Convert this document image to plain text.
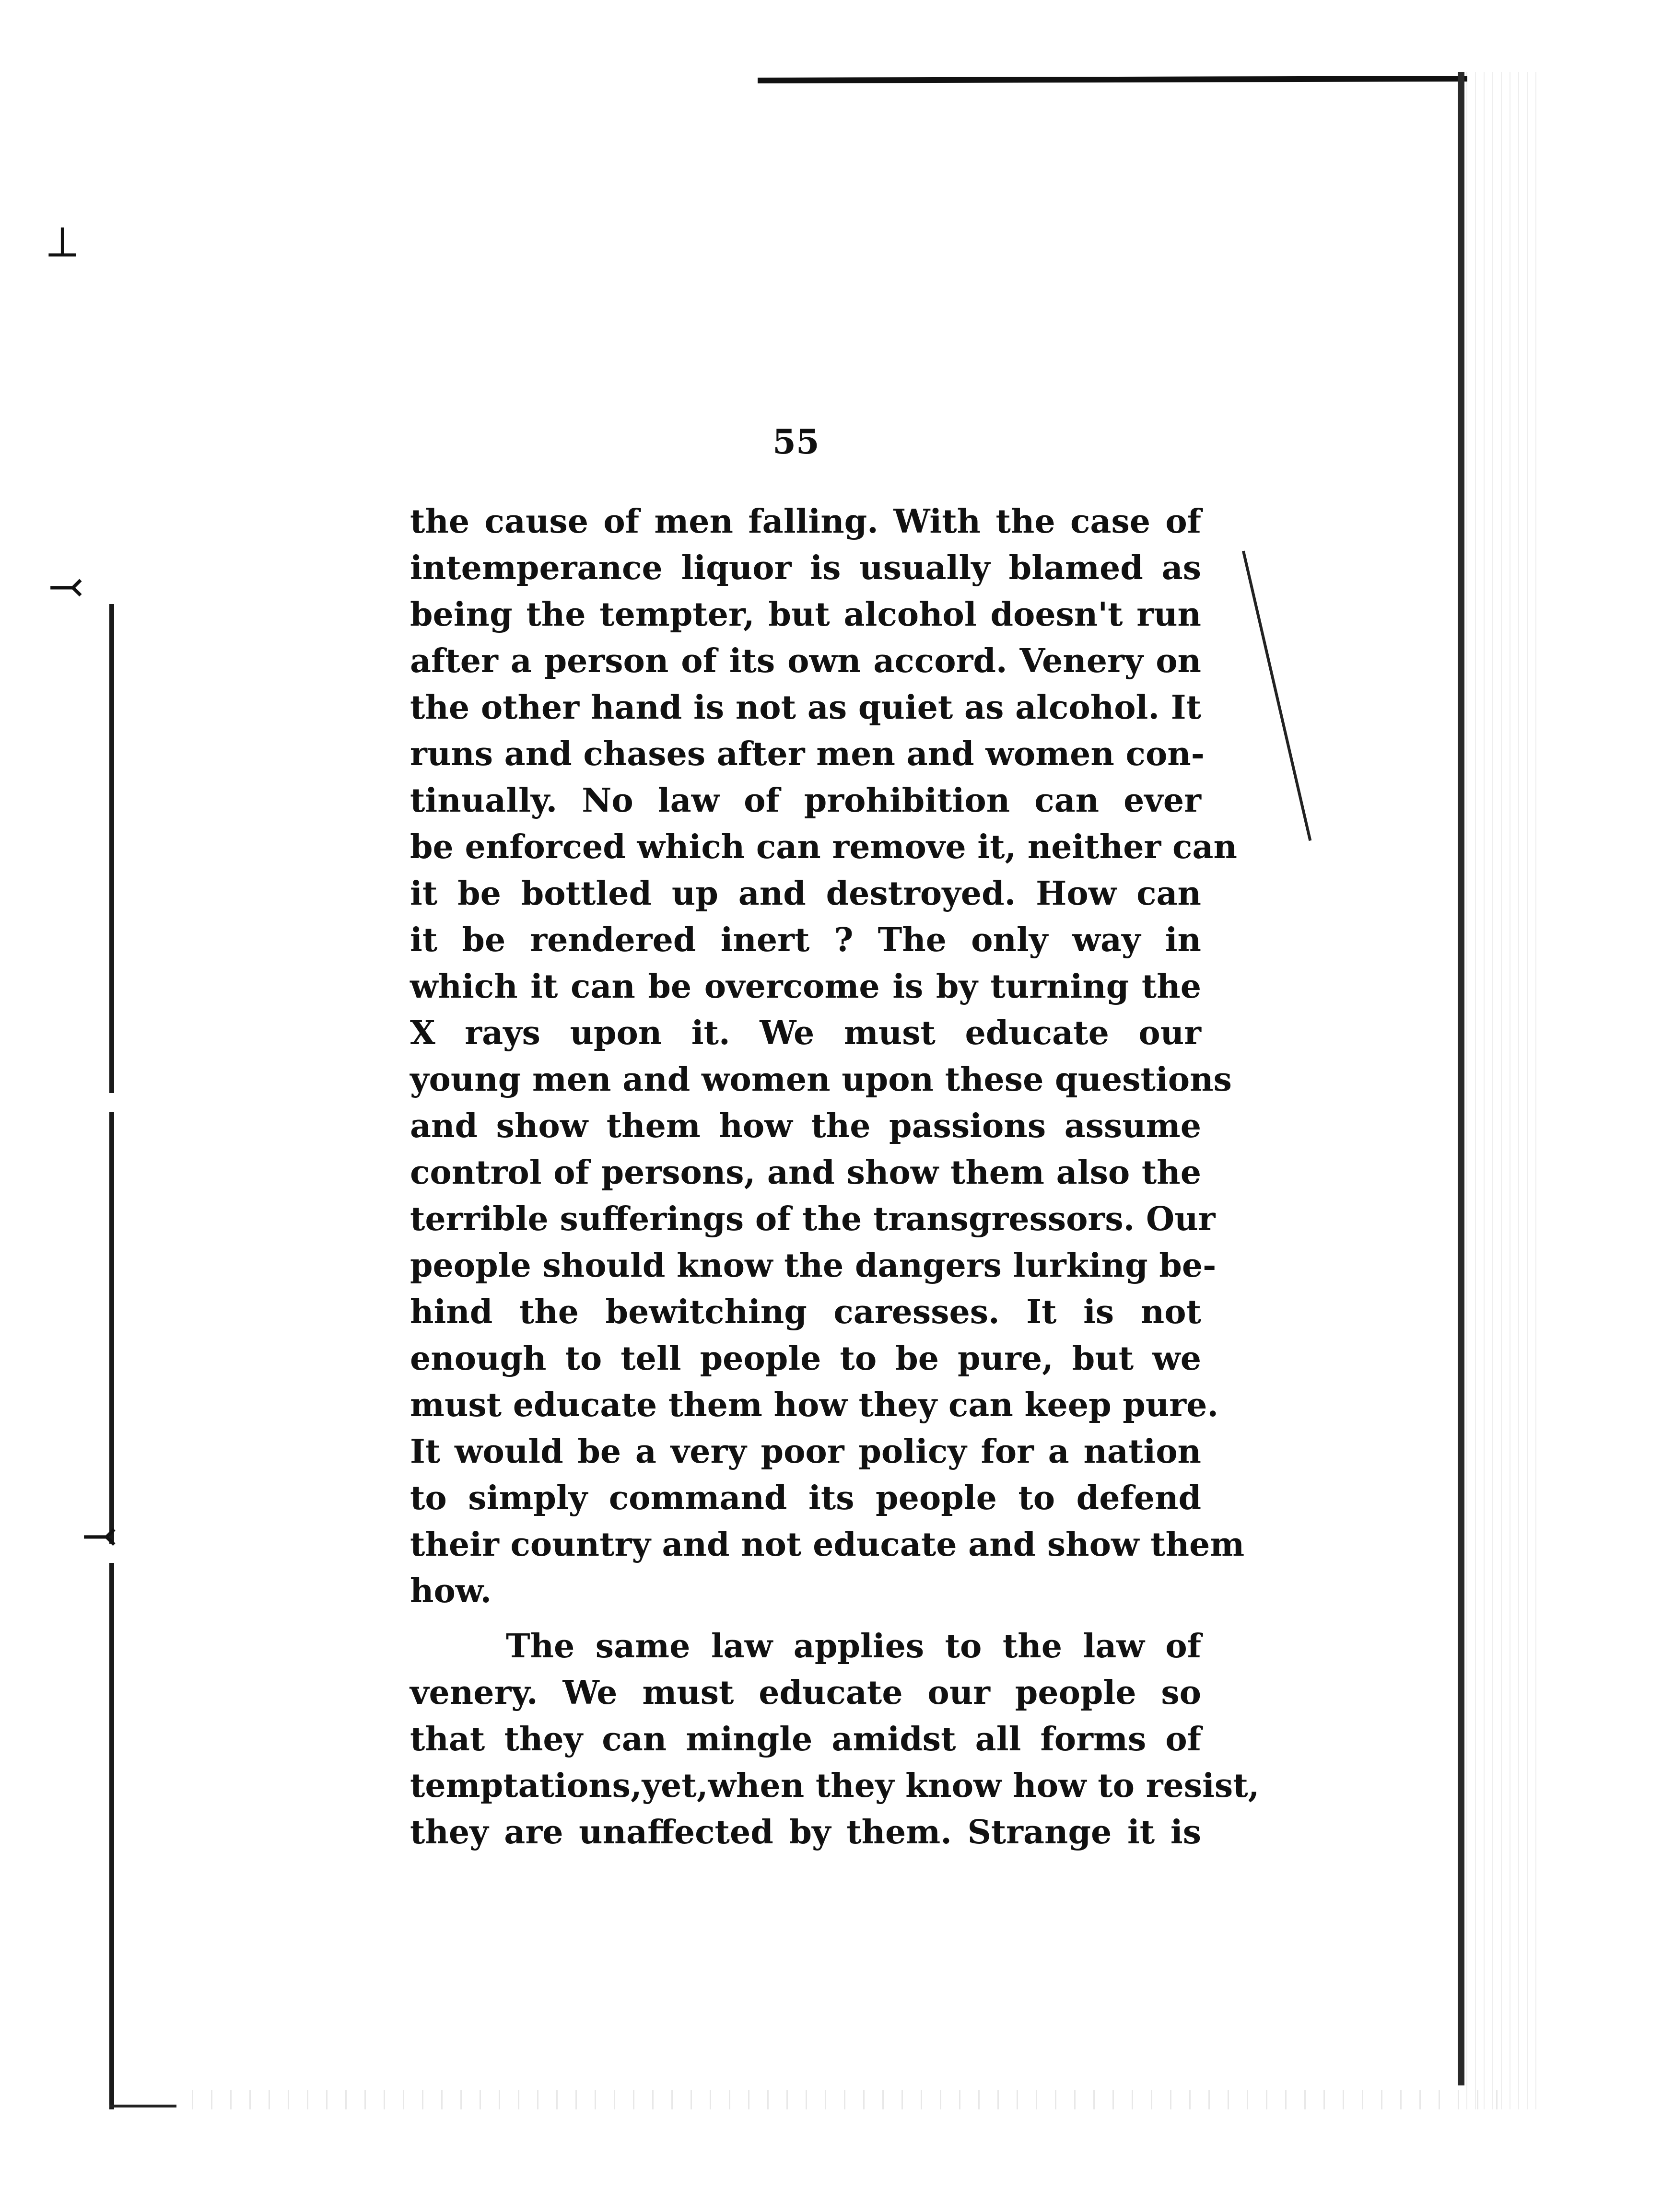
⟂
⤙
⤙
55
the cause of men falling. With the case of
intemperance liquor is usually blamed as
being the tempter, but alcohol doesn't run
after a person of its own accord. Venery on
the other hand is not as quiet as alcohol. It
runs and chases after men and women con-
tinually. No law of prohibition can ever
be enforced which can remove it, neither can
it be bottled up and destroyed. How can
it be rendered inert ? The only way in
which it can be overcome is by turning the
X rays upon it. We must educate our
young men and women upon these questions
and show them how the passions assume
control of persons, and show them also the
terrible sufferings of the transgressors. Our
people should know the dangers lurking be-
hind the bewitching caresses. It is not
enough to tell people to be pure, but we
must educate them how they can keep pure.
It would be a very poor policy for a nation
to simply command its people to defend
their country and not educate and show them
how.
The same law applies to the law of
venery. We must educate our people so
that they can mingle amidst all forms of
temptations,yet,when they know how to resist,
they are unaffected by them. Strange it is
